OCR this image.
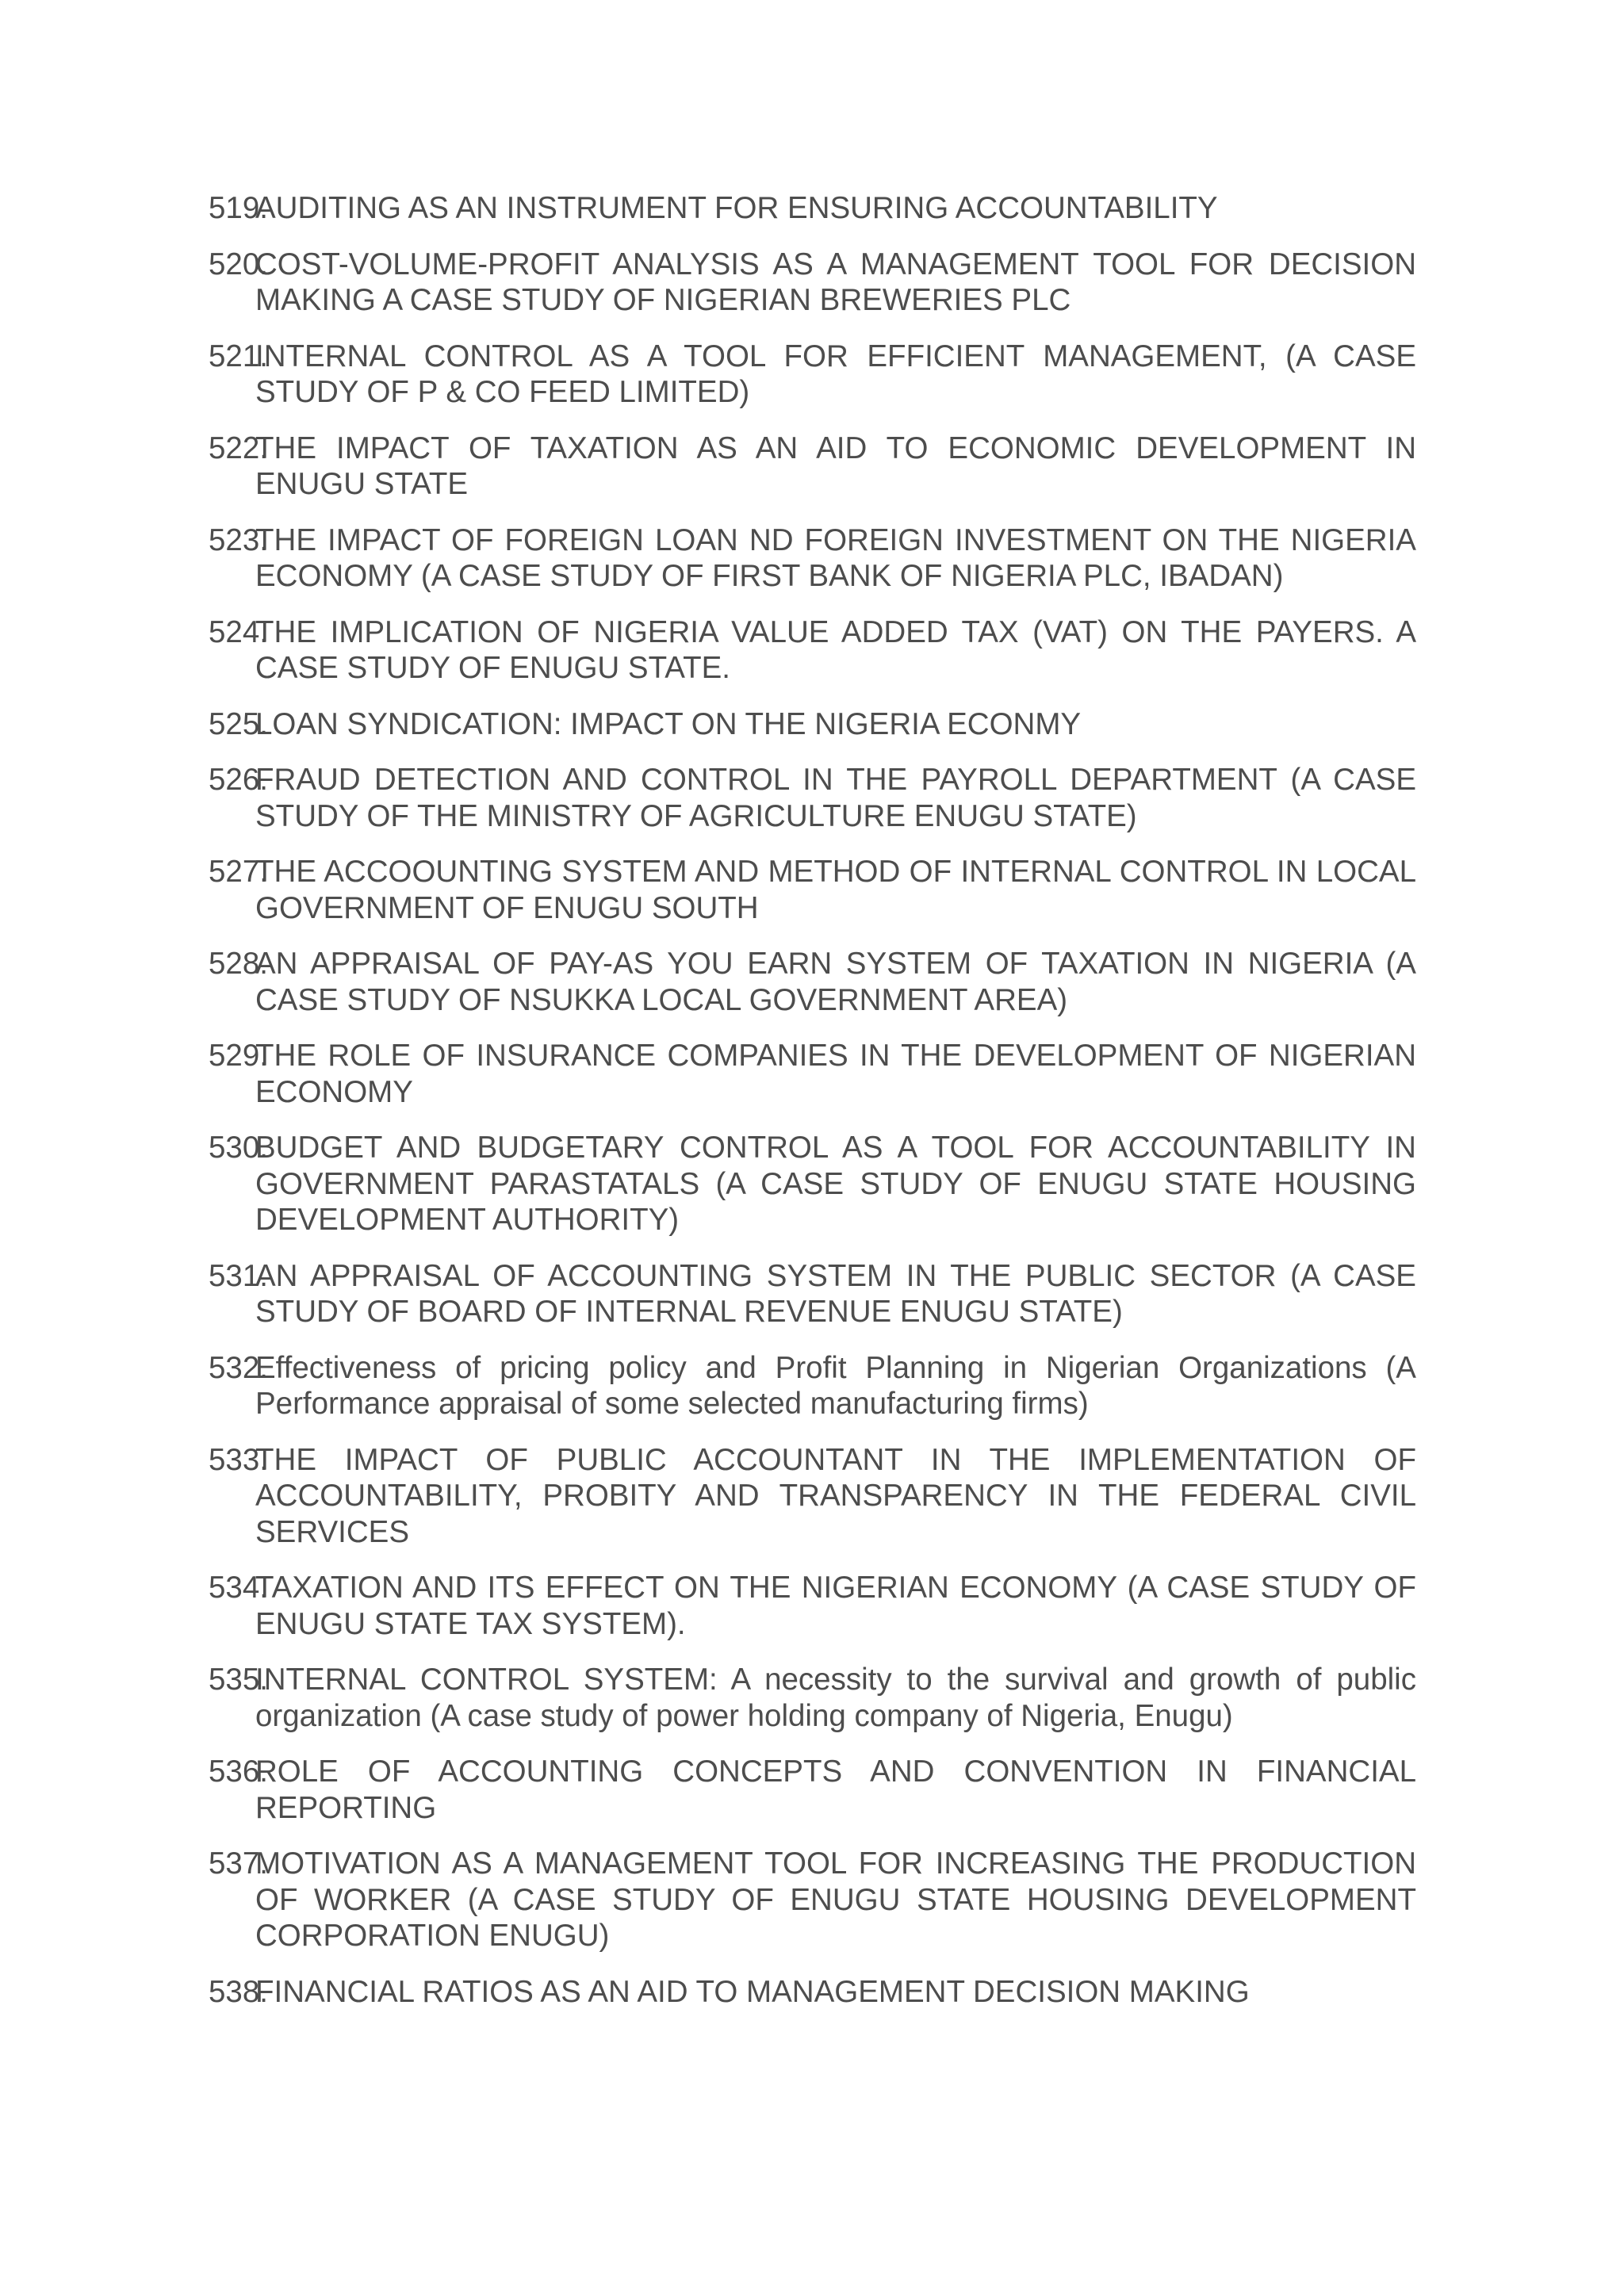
519.
AUDITING AS AN INSTRUMENT FOR ENSURING ACCOUNTABILITY
520.
COST-VOLUME-PROFIT ANALYSIS AS A MANAGEMENT TOOL FOR DECISION MAKING A CASE STUDY OF NIGERIAN BREWERIES PLC
521.
INTERNAL CONTROL AS A TOOL FOR EFFICIENT MANAGEMENT, (A CASE STUDY OF P & CO FEED LIMITED)
522.
THE IMPACT OF TAXATION AS AN AID TO ECONOMIC DEVELOPMENT IN ENUGU STATE
523.
THE IMPACT OF FOREIGN LOAN ND FOREIGN INVESTMENT ON THE NIGERIA ECONOMY (A CASE STUDY OF FIRST BANK OF NIGERIA PLC, IBADAN)
524.
THE IMPLICATION OF NIGERIA VALUE ADDED TAX (VAT) ON THE PAYERS. A CASE STUDY OF ENUGU STATE.
525.
LOAN SYNDICATION: IMPACT ON THE NIGERIA ECONMY
526.
FRAUD DETECTION AND CONTROL IN THE PAYROLL DEPARTMENT (A CASE STUDY OF THE MINISTRY OF AGRICULTURE ENUGU STATE)
527.
THE ACCOOUNTING SYSTEM AND METHOD OF INTERNAL CONTROL IN LOCAL GOVERNMENT OF ENUGU SOUTH
528.
AN APPRAISAL OF PAY-AS YOU EARN SYSTEM OF TAXATION IN NIGERIA (A CASE STUDY OF NSUKKA LOCAL GOVERNMENT AREA)
529.
THE ROLE OF INSURANCE COMPANIES IN THE DEVELOPMENT OF NIGERIAN ECONOMY
530.
BUDGET AND BUDGETARY CONTROL AS A TOOL FOR ACCOUNTABILITY IN GOVERNMENT PARASTATALS (A CASE STUDY OF ENUGU STATE HOUSING DEVELOPMENT AUTHORITY)
531.
AN APPRAISAL OF ACCOUNTING SYSTEM IN THE PUBLIC SECTOR (A CASE STUDY OF BOARD OF INTERNAL REVENUE ENUGU STATE)
532.
Effectiveness of pricing policy and Profit Planning in Nigerian Organizations (A Performance appraisal of some selected manufacturing firms)
533.
THE IMPACT OF PUBLIC ACCOUNTANT IN THE IMPLEMENTATION OF ACCOUNTABILITY, PROBITY AND TRANSPARENCY IN THE FEDERAL CIVIL SERVICES
534.
TAXATION AND ITS EFFECT ON THE NIGERIAN ECONOMY (A CASE STUDY OF ENUGU STATE TAX SYSTEM).
535.
INTERNAL CONTROL SYSTEM: A necessity to the survival and growth of public organization (A case study of power holding company of Nigeria, Enugu)
536.
ROLE OF ACCOUNTING CONCEPTS AND CONVENTION IN FINANCIAL REPORTING
537.
MOTIVATION AS A MANAGEMENT TOOL FOR INCREASING THE PRODUCTION OF WORKER (A CASE STUDY OF ENUGU STATE HOUSING DEVELOPMENT CORPORATION ENUGU)
538.
FINANCIAL RATIOS AS AN AID TO MANAGEMENT DECISION MAKING
